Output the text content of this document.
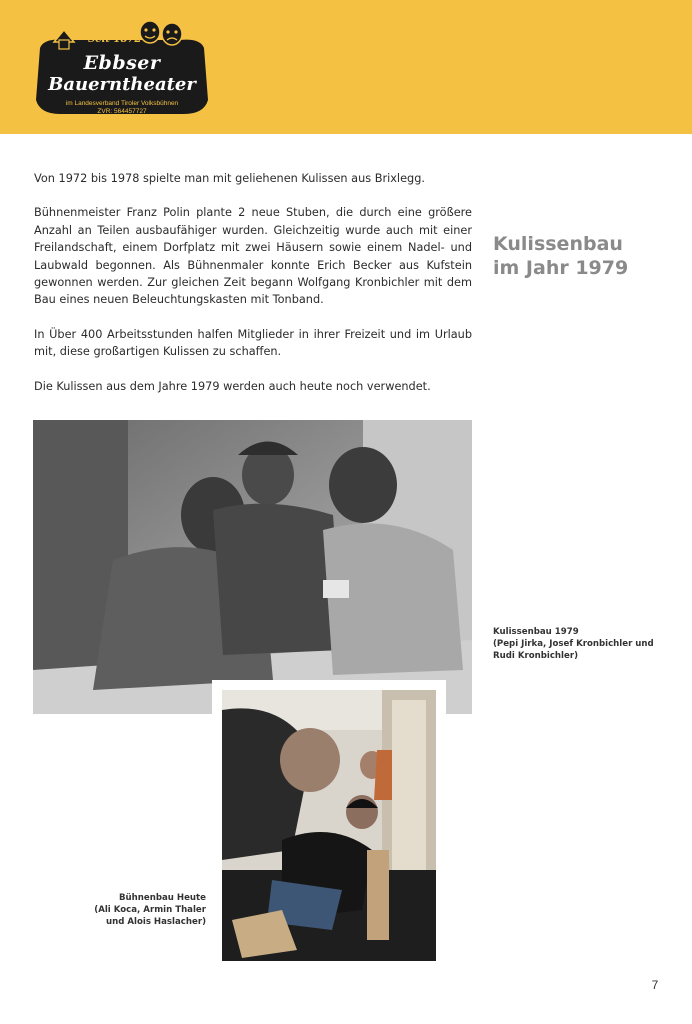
Seit 1872
Ebbser
Bauerntheater
im Landesverband Tiroler Volksbühnen
ZVR: 564457727

Von 1972 bis 1978 spielte man mit geliehenen Kulissen aus Brixlegg.

Bühnenmeister Franz Polin plante 2 neue Stuben, die durch eine größere Anzahl an Teilen ausbaufähiger wurden. Gleichzeitig wurde auch mit einer Freilandschaft, einem Dorfplatz mit zwei Häusern sowie einem Nadel- und Laubwald begonnen. Als Bühnenmaler konnte Erich Becker aus Kufstein gewonnen werden. Zur gleichen Zeit begann Wolfgang Kronbichler mit dem Bau eines neuen Beleuchtungskasten mit Tonband.

In Über 400 Arbeitsstunden halfen Mitglieder in ihrer Freizeit und im Urlaub mit, diese großartigen Kulissen zu schaffen.

Die Kulissen aus dem Jahre 1979 werden auch heute noch verwendet.

Kulissenbau
im Jahr 1979
Kulissenbau 1979
(Pepi Jirka, Josef Kronbichler und
Rudi Kronbichler)
Bühnenbau Heute
(Ali Koca, Armin Thaler
und Alois Haslacher)
7
